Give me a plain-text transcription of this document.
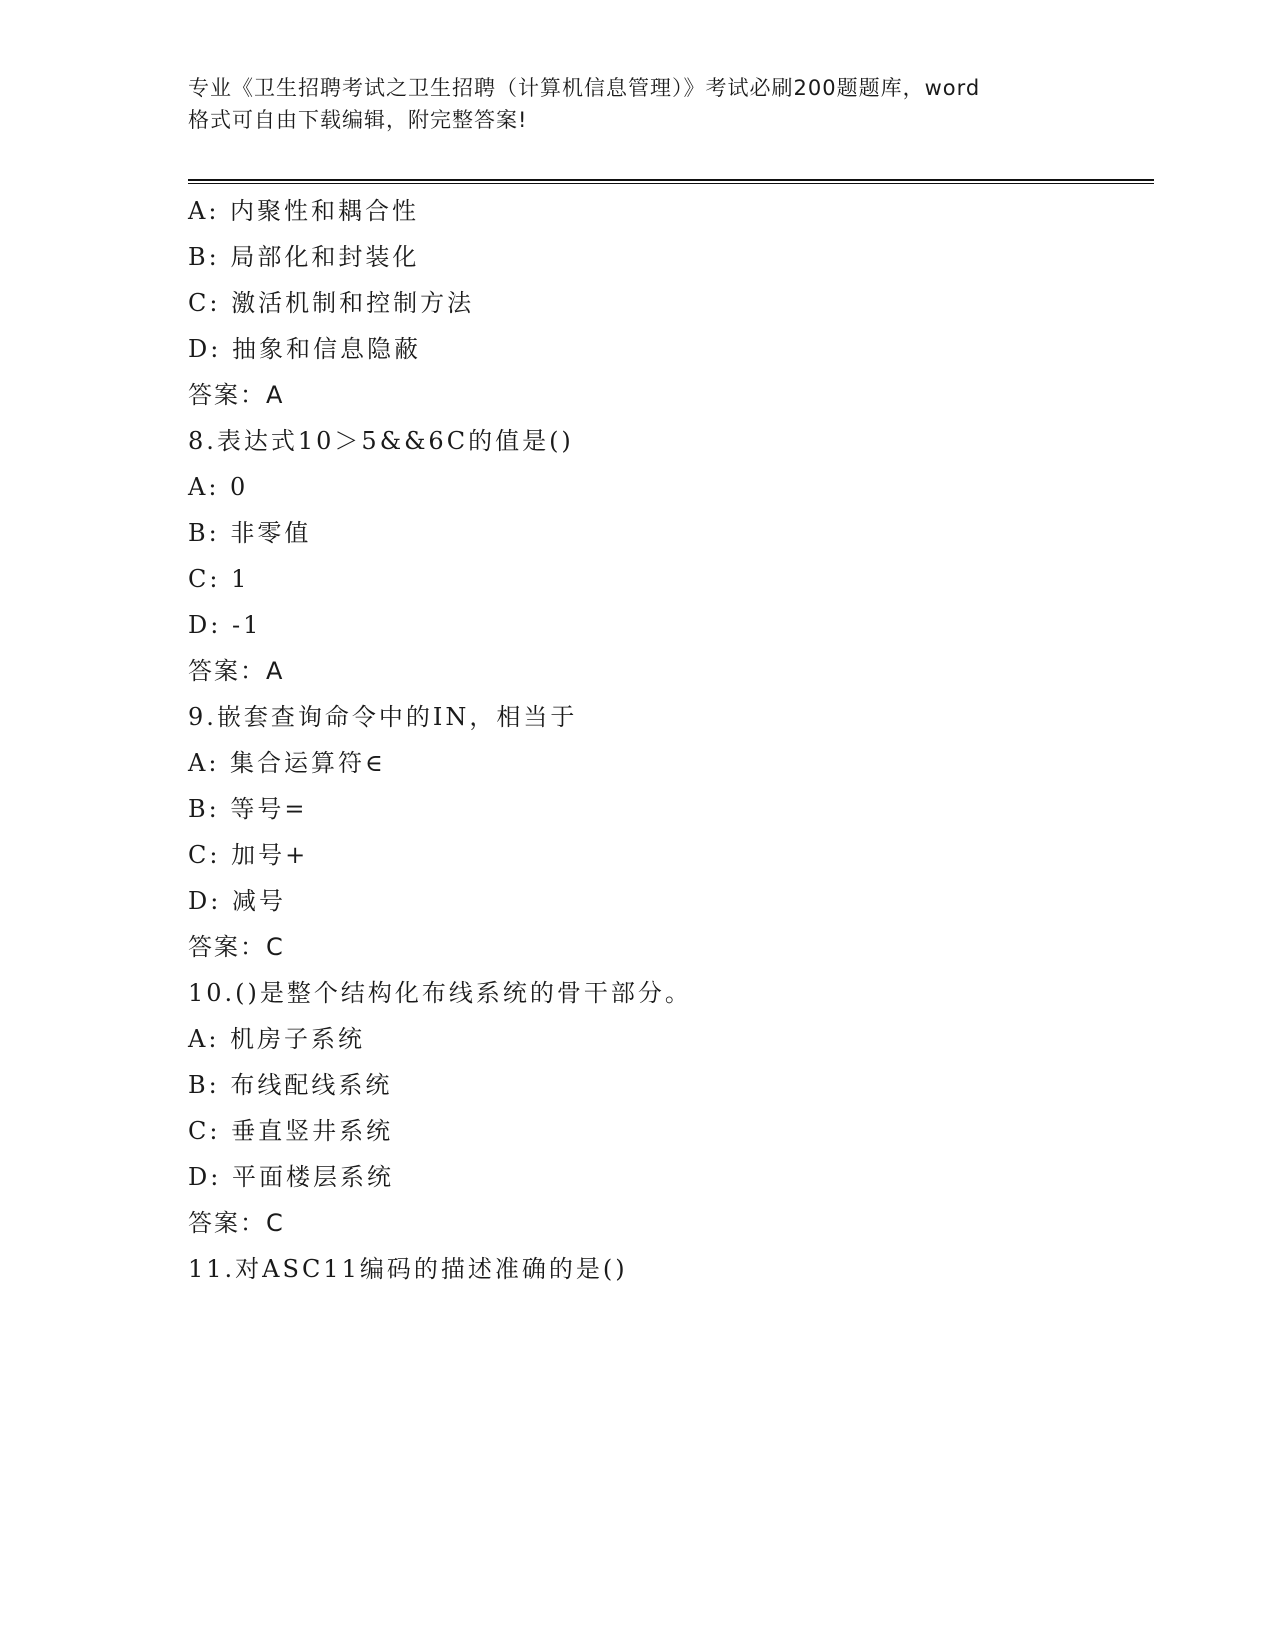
专业《卫生招聘考试之卫生招聘（计算机信息管理）》考试必刷200题题库，word
格式可自由下载编辑，附完整答案!
A: 内聚性和耦合性
B: 局部化和封装化
C: 激活机制和控制方法
D: 抽象和信息隐蔽
答案：A
8.表达式10＞5&&6C的值是()
A: 0
B: 非零值
C: 1
D: -1
答案：A
9.嵌套查询命令中的IN，相当于
A: 集合运算符∈
B: 等号=
C: 加号+
D: 减号
答案：C
10.()是整个结构化布线系统的骨干部分。
A: 机房子系统
B: 布线配线系统
C: 垂直竖井系统
D: 平面楼层系统
答案：C
11.对ASC11编码的描述准确的是()
